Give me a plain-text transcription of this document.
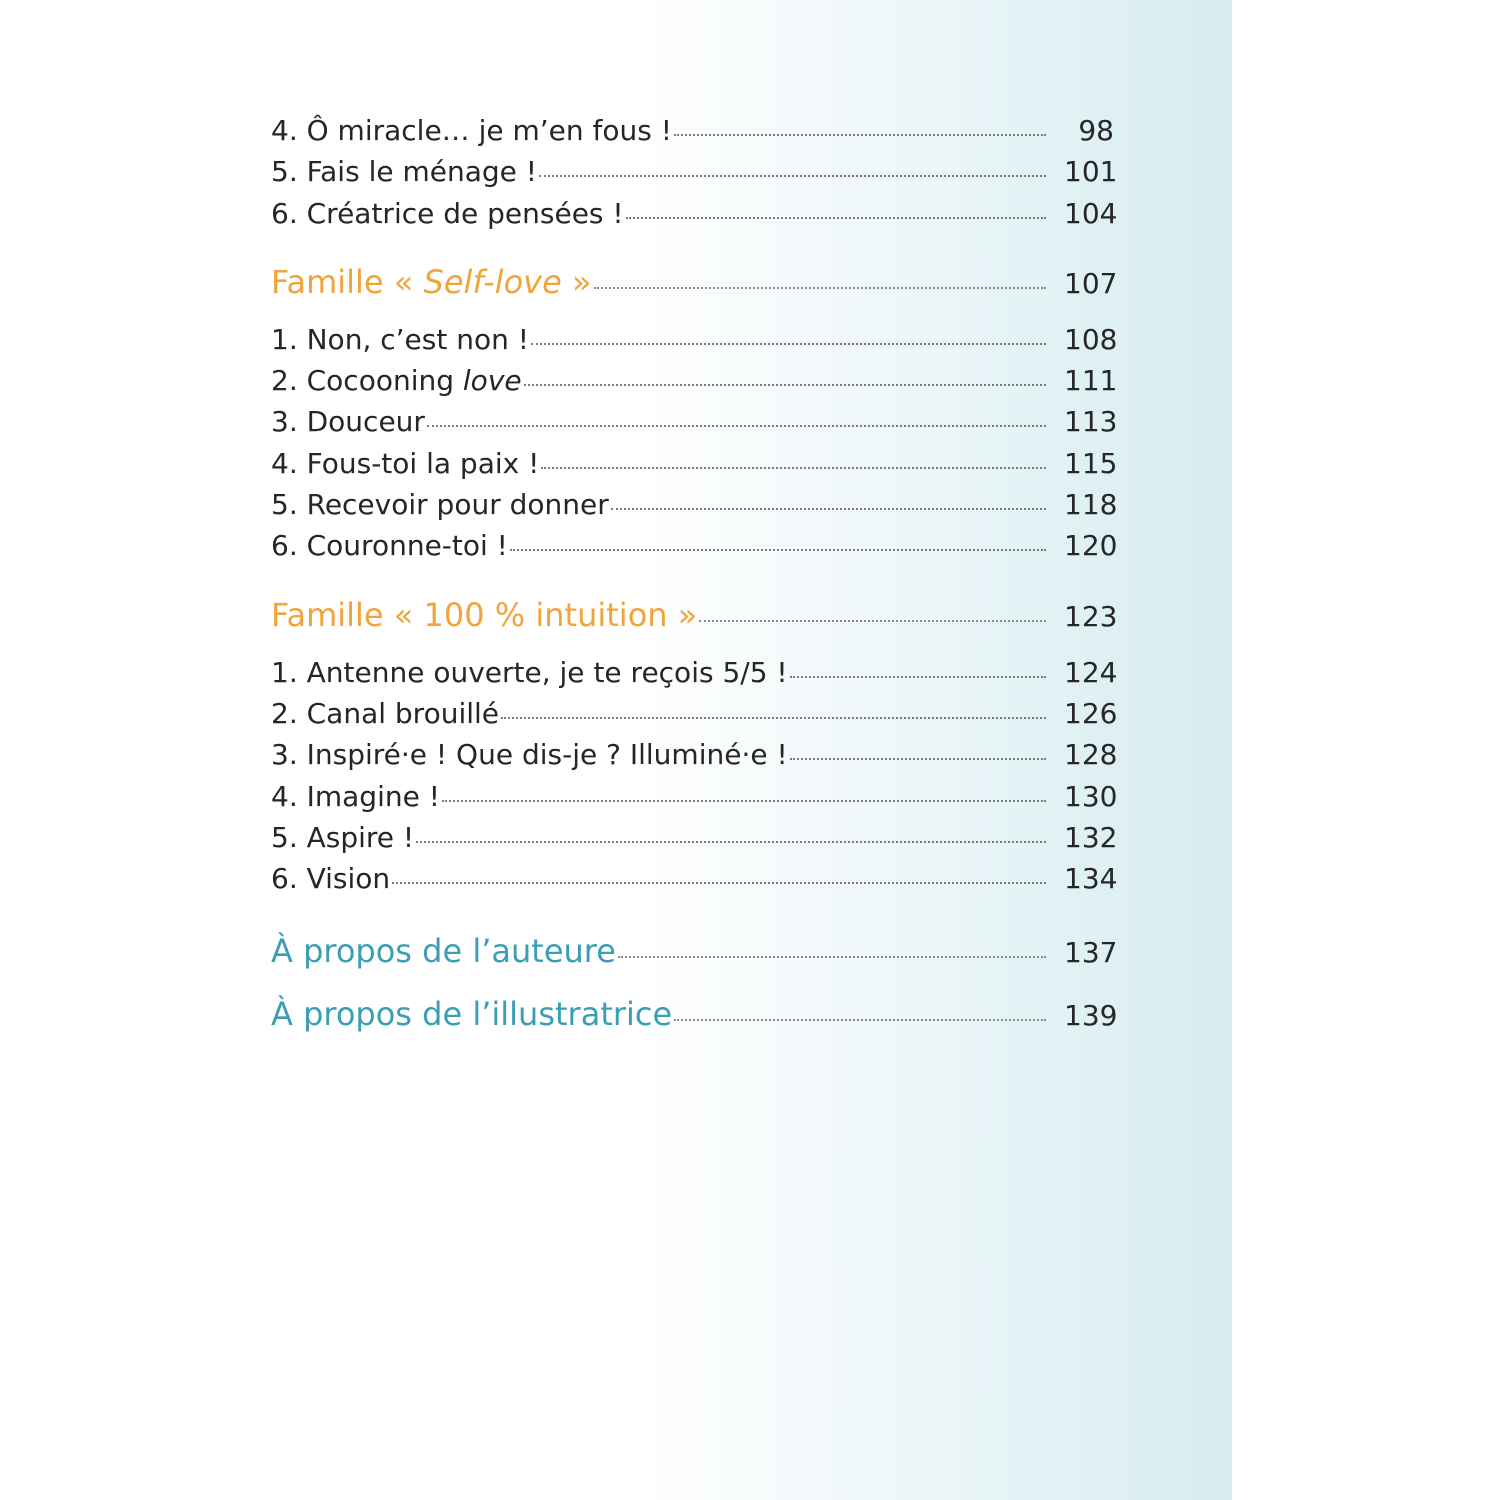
4. Ô miracle… je m’en fous !	98
5. Fais le ménage !	101
6. Créatrice de pensées !	104
Famille « Self-love »	107
1. Non, c’est non !	108
2. Cocooning love	111
3. Douceur	113
4. Fous-toi la paix !	115
5. Recevoir pour donner	118
6. Couronne-toi !	120
Famille « 100 % intuition »	123
1. Antenne ouverte, je te reçois 5/5 !	124
2. Canal brouillé	126
3. Inspiré·e ! Que dis-je ? Illuminé·e !	128
4. Imagine !	130
5. Aspire !	132
6. Vision	134
À propos de l’auteure	137
À propos de l’illustratrice	139
